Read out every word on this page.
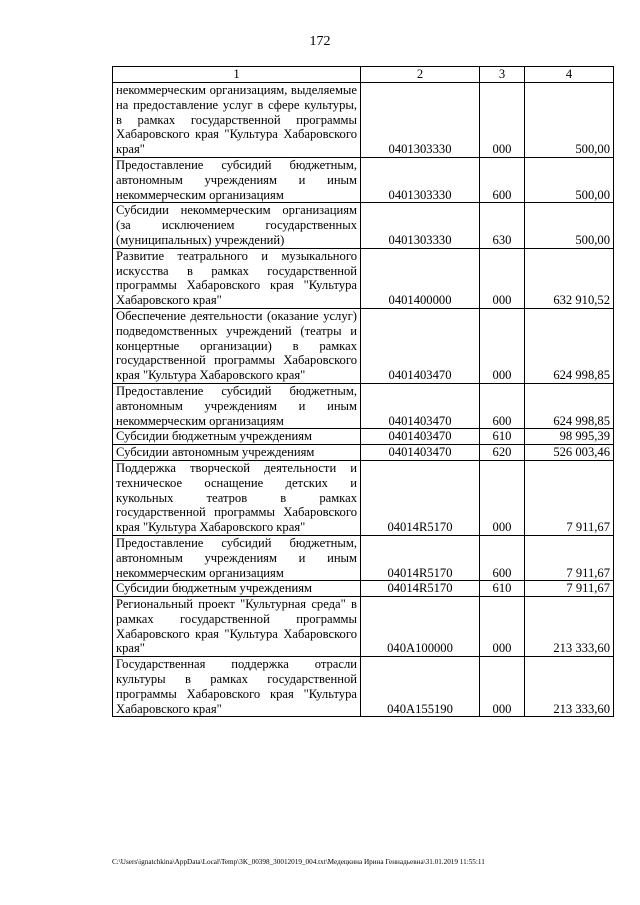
172
1	2	3	4
некоммерческим организациям, выделяемые на предоставление услуг в сфере культуры, в рамках государственной программы Хабаровского края "Культура Хабаровского края"	0401303330	000	500,00
Предоставление субсидий бюджетным, автономным учреждениям и иным некоммерческим организациям	0401303330	600	500,00
Субсидии некоммерческим организациям (за исключением государственных (муниципальных) учреждений)	0401303330	630	500,00
Развитие театрального и музыкального искусства в рамках государственной программы Хабаровского края "Культура Хабаровского края"	0401400000	000	632 910,52
Обеспечение деятельности (оказание услуг) подведомственных учреждений (театры и концертные организации) в рамках государственной программы Хабаровского края "Культура Хабаровского края"	0401403470	000	624 998,85
Предоставление субсидий бюджетным, автономным учреждениям и иным некоммерческим организациям	0401403470	600	624 998,85
Субсидии бюджетным учреждениям	0401403470	610	98 995,39
Субсидии автономным учреждениям	0401403470	620	526 003,46
Поддержка творческой деятельности и техническое оснащение детских и кукольных театров в рамках государственной программы Хабаровского края "Культура Хабаровского края"	04014R5170	000	7 911,67
Предоставление субсидий бюджетным, автономным учреждениям и иным некоммерческим организациям	04014R5170	600	7 911,67
Субсидии бюджетным учреждениям	04014R5170	610	7 911,67
Региональный проект "Культурная среда" в рамках государственной программы Хабаровского края "Культура Хабаровского края"	040A100000	000	213 333,60
Государственная поддержка отрасли культуры в рамках государственной программы Хабаровского края "Культура Хабаровского края"	040A155190	000	213 333,60
C:\Users\ignatchkina\AppData\Local\Temp\3K_00398_30012019_004.txt\Медецкина Ирина Геннадьевна\31.01.2019 11:55:11
